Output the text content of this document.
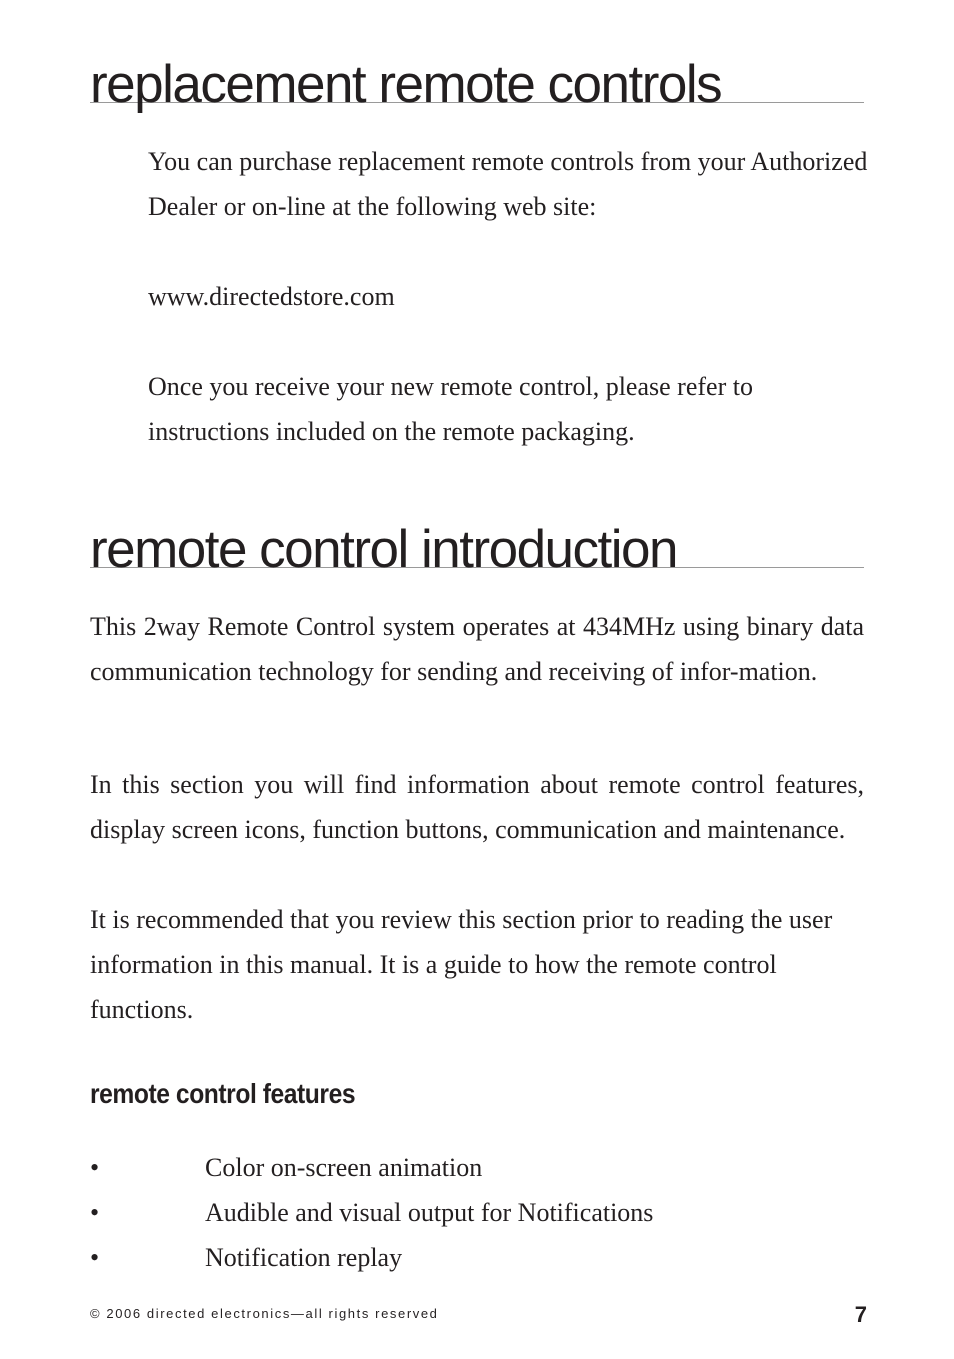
replacement remote controls

You can purchase replacement remote controls from your Authorized Dealer or on-line at the following web site:

www.directedstore.com

Once you receive your new remote control, please refer to instructions included on the remote packaging.

remote control introduction

This 2way Remote Control system operates at 434MHz using binary data communication technology for sending and receiving of infor-mation.

In this section you will find information about remote control features, display screen icons, function buttons, communication and maintenance.

It is recommended that you review this section prior to reading the user information in this manual. It is a guide to how the remote control functions.

remote control features
•	Color on-screen animation
•	Audible and visual output for Notifications
•	Notification replay
© 2006 directed electronics—all rights reserved	7
